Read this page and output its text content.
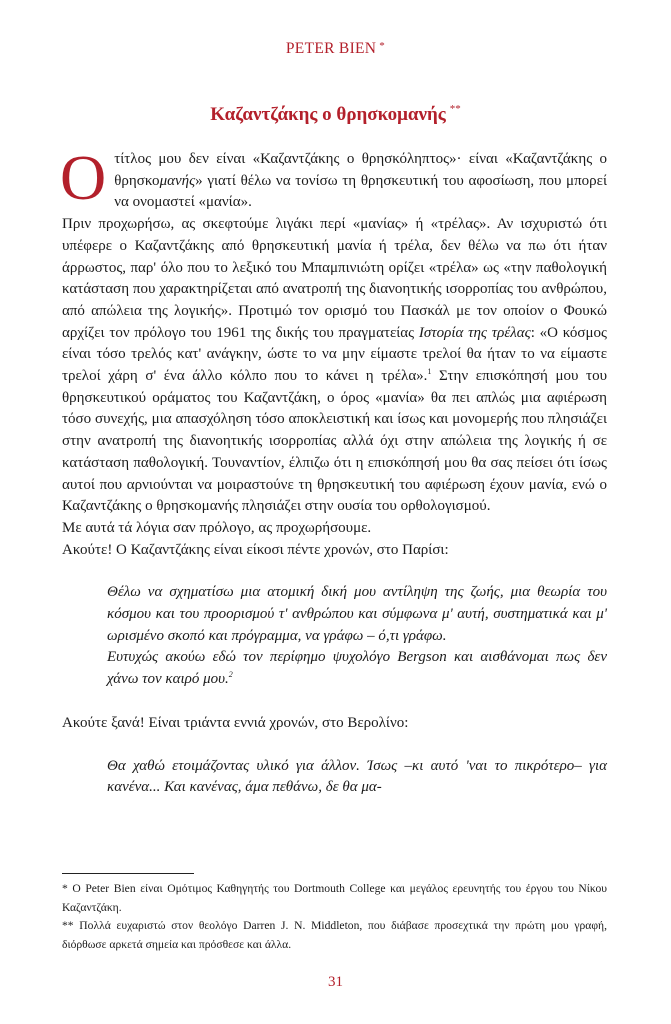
PETER BIEN *
Καζαντζάκης ο θρησκομανής **

Οτίτλος μου δεν είναι «Καζαντζάκης ο θρησκόληπτος»· είναι «Καζαντζάκης ο θρησκομανής» γιατί θέλω να τονίσω τη θρησκευτική του αφοσίωση, που μπορεί να ονομαστεί «μανία».

Πριν προχωρήσω, ας σκεφτούμε λιγάκι περί «μανίας» ή «τρέλας». Αν ισχυριστώ ότι υπέφερε ο Καζαντζάκης από θρησκευτική μανία ή τρέλα, δεν θέλω να πω ότι ήταν άρρωστος, παρ' όλο που το λεξικό του Μπαμπινιώτη ορίζει «τρέλα» ως «την παθολογική κατάσταση που χαρακτηρίζεται από ανατροπή της διανοητικής ισορροπίας του ανθρώπου, από απώλεια της λογικής». Προτιμώ τον ορισμό του Πασκάλ με τον οποίον ο Φουκώ αρχίζει τον πρόλογο του 1961 της δικής του πραγματείας Ιστορία της τρέλας: «Ο κόσμος είναι τόσο τρελός κατ' ανάγκην, ώστε το να μην είμαστε τρελοί θα ήταν το να είμαστε τρελοί χάρη σ' ένα άλλο κόλπο που το κάνει η τρέλα».$^1$ Στην επισκόπησή μου του θρησκευτικού οράματος του Καζαντζάκη, ο όρος «μανία» θα πει απλώς μια αφιέρωση τόσο συνεχής, μια απασχόληση τόσο αποκλειστική και ίσως και μονομερής που πλησιάζει στην ανατροπή της διανοητικής ισορροπίας αλλά όχι στην απώλεια της λογικής ή σε κατάσταση παθολογική. Τουναντίον, έλπιζω ότι η επισκόπησή μου θα σας πείσει ότι ίσως αυτοί που αρνιούνται να μοιραστούνε τη θρησκευτική του αφιέρωση έχουν μανία, ενώ ο Καζαντζάκης ο θρησκομανής πλησιάζει στην ουσία του ορθολογισμού.

Με αυτά τά λόγια σαν πρόλογο, ας προχωρήσουμε.

Ακούτε! Ο Καζαντζάκης είναι είκοσι πέντε χρονών, στο Παρίσι:

Θέλω να σχηματίσω μια ατομική δική μου αντίληψη της ζωής, μια θεωρία του κόσμου και του προορισμού τ' ανθρώπου και σύμφωνα μ' αυτή, συστηματικά και μ' ωρισμένο σκοπό και πρόγραμμα, να γράφω – ό,τι γράφω.

Ευτυχώς ακούω εδώ τον περίφημο ψυχολόγο Bergson και αισθάνομαι πως δεν χάνω τον καιρό μου.$^2$

Ακούτε ξανά! Είναι τριάντα εννιά χρονών, στο Βερολίνο:

Θα χαθώ ετοιμάζοντας υλικό για άλλον. Ίσως –κι αυτό 'ναι το πικρότερο– για κανένα... Και κανένας, άμα πεθάνω, δε θα μα-

* Ο Peter Bien είναι Ομότιμος Καθηγητής του Dortmouth College και μεγάλος ερευνητής του έργου του Νίκου Καζαντζάκη.

** Πολλά ευχαριστώ στον θεολόγο Darren J. N. Middleton, που διάβασε προσεχτικά την πρώτη μου γραφή, διόρθωσε αρκετά σημεία και πρόσθεσε και άλλα.

31
